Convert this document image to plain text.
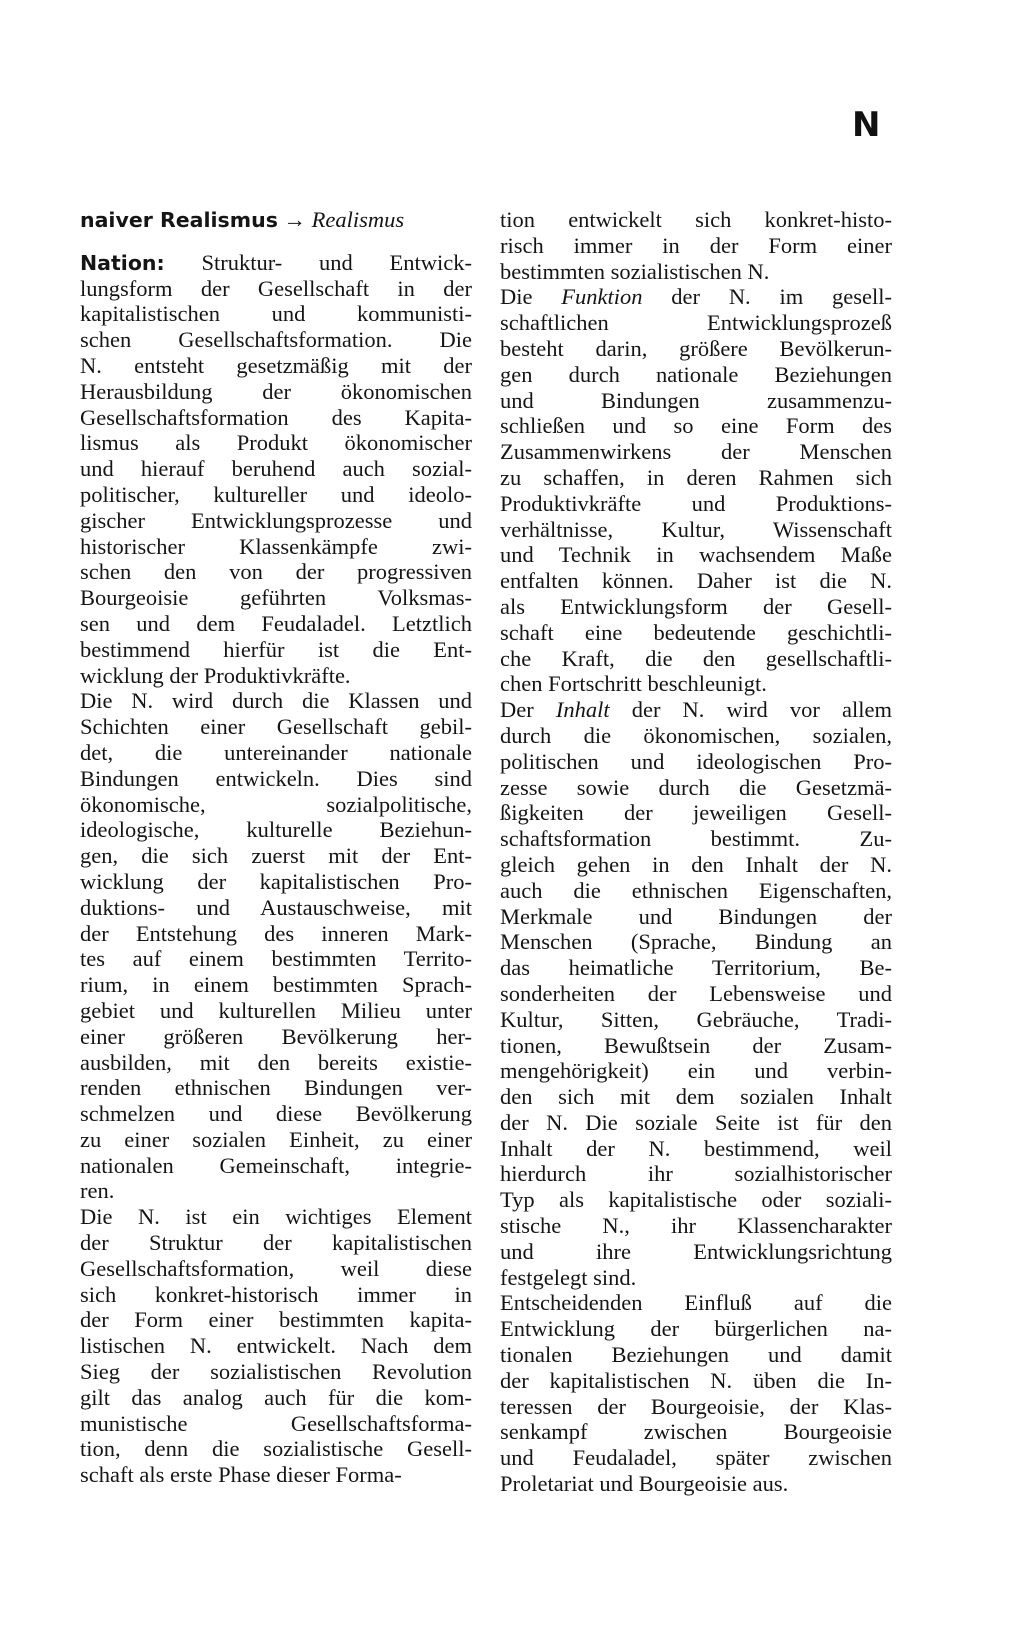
N
naiver Realismus → Realismus
Nation: Struktur- und Entwick-
lungsform der Gesellschaft in der
kapitalistischen und kommunisti-
schen Gesellschaftsformation. Die
N. entsteht gesetzmäßig mit der
Herausbildung der ökonomischen
Gesellschaftsformation des Kapita-
lismus als Produkt ökonomischer
und hierauf beruhend auch sozial-
politischer, kultureller und ideolo-
gischer Entwicklungsprozesse und
historischer Klassenkämpfe zwi-
schen den von der progressiven
Bourgeoisie geführten Volksmas-
sen und dem Feudaladel. Letztlich
bestimmend hierfür ist die Ent-
wicklung der Produktivkräfte.
Die N. wird durch die Klassen und
Schichten einer Gesellschaft gebil-
det, die untereinander nationale
Bindungen entwickeln. Dies sind
ökonomische, sozialpolitische,
ideologische, kulturelle Beziehun-
gen, die sich zuerst mit der Ent-
wicklung der kapitalistischen Pro-
duktions- und Austauschweise, mit
der Entstehung des inneren Mark-
tes auf einem bestimmten Territo-
rium, in einem bestimmten Sprach-
gebiet und kulturellen Milieu unter
einer größeren Bevölkerung her-
ausbilden, mit den bereits existie-
renden ethnischen Bindungen ver-
schmelzen und diese Bevölkerung
zu einer sozialen Einheit, zu einer
nationalen Gemeinschaft, integrie-
ren.
Die N. ist ein wichtiges Element
der Struktur der kapitalistischen
Gesellschaftsformation, weil diese
sich konkret-historisch immer in
der Form einer bestimmten kapita-
listischen N. entwickelt. Nach dem
Sieg der sozialistischen Revolution
gilt das analog auch für die kom-
munistische Gesellschaftsforma-
tion, denn die sozialistische Gesell-
schaft als erste Phase dieser Forma-
tion entwickelt sich konkret-histo-
risch immer in der Form einer
bestimmten sozialistischen N.
Die Funktion der N. im gesell-
schaftlichen Entwicklungsprozeß
besteht darin, größere Bevölkerun-
gen durch nationale Beziehungen
und Bindungen zusammenzu-
schließen und so eine Form des
Zusammenwirkens der Menschen
zu schaffen, in deren Rahmen sich
Produktivkräfte und Produktions-
verhältnisse, Kultur, Wissenschaft
und Technik in wachsendem Maße
entfalten können. Daher ist die N.
als Entwicklungsform der Gesell-
schaft eine bedeutende geschichtli-
che Kraft, die den gesellschaftli-
chen Fortschritt beschleunigt.
Der Inhalt der N. wird vor allem
durch die ökonomischen, sozialen,
politischen und ideologischen Pro-
zesse sowie durch die Gesetzmä-
ßigkeiten der jeweiligen Gesell-
schaftsformation bestimmt. Zu-
gleich gehen in den Inhalt der N.
auch die ethnischen Eigenschaften,
Merkmale und Bindungen der
Menschen (Sprache, Bindung an
das heimatliche Territorium, Be-
sonderheiten der Lebensweise und
Kultur, Sitten, Gebräuche, Tradi-
tionen, Bewußtsein der Zusam-
mengehörigkeit) ein und verbin-
den sich mit dem sozialen Inhalt
der N. Die soziale Seite ist für den
Inhalt der N. bestimmend, weil
hierdurch ihr sozialhistorischer
Typ als kapitalistische oder soziali-
stische N., ihr Klassencharakter
und ihre Entwicklungsrichtung
festgelegt sind.
Entscheidenden Einfluß auf die
Entwicklung der bürgerlichen na-
tionalen Beziehungen und damit
der kapitalistischen N. üben die In-
teressen der Bourgeoisie, der Klas-
senkampf zwischen Bourgeoisie
und Feudaladel, später zwischen
Proletariat und Bourgeoisie aus.
